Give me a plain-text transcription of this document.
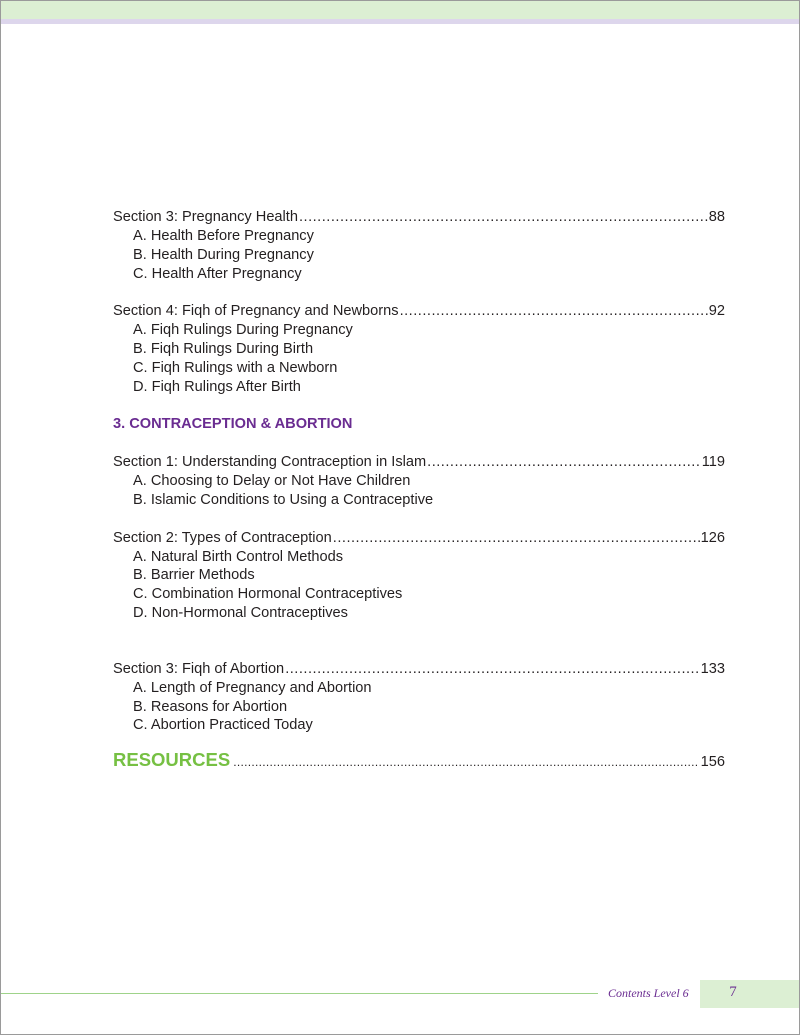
Section 3: Pregnancy Health .....	88
A. Health Before Pregnancy
B. Health During Pregnancy
C. Health After Pregnancy
Section 4: Fiqh of Pregnancy and Newborns .....	92
A. Fiqh Rulings During Pregnancy
B. Fiqh Rulings During Birth
C. Fiqh Rulings with a Newborn
D. Fiqh Rulings After Birth
3. CONTRACEPTION & ABORTION
Section 1: Understanding Contraception in Islam .....	119
A. Choosing to Delay or Not Have Children
B. Islamic Conditions to Using a Contraceptive
Section 2: Types of Contraception .....	126
A. Natural Birth Control Methods
B. Barrier Methods
C. Combination Hormonal Contraceptives
D. Non-Hormonal Contraceptives
Section 3: Fiqh of Abortion .....	133
A. Length of Pregnancy and Abortion
B. Reasons for Abortion
C. Abortion Practiced Today
RESOURCES .....	156
Contents Level 6	7
